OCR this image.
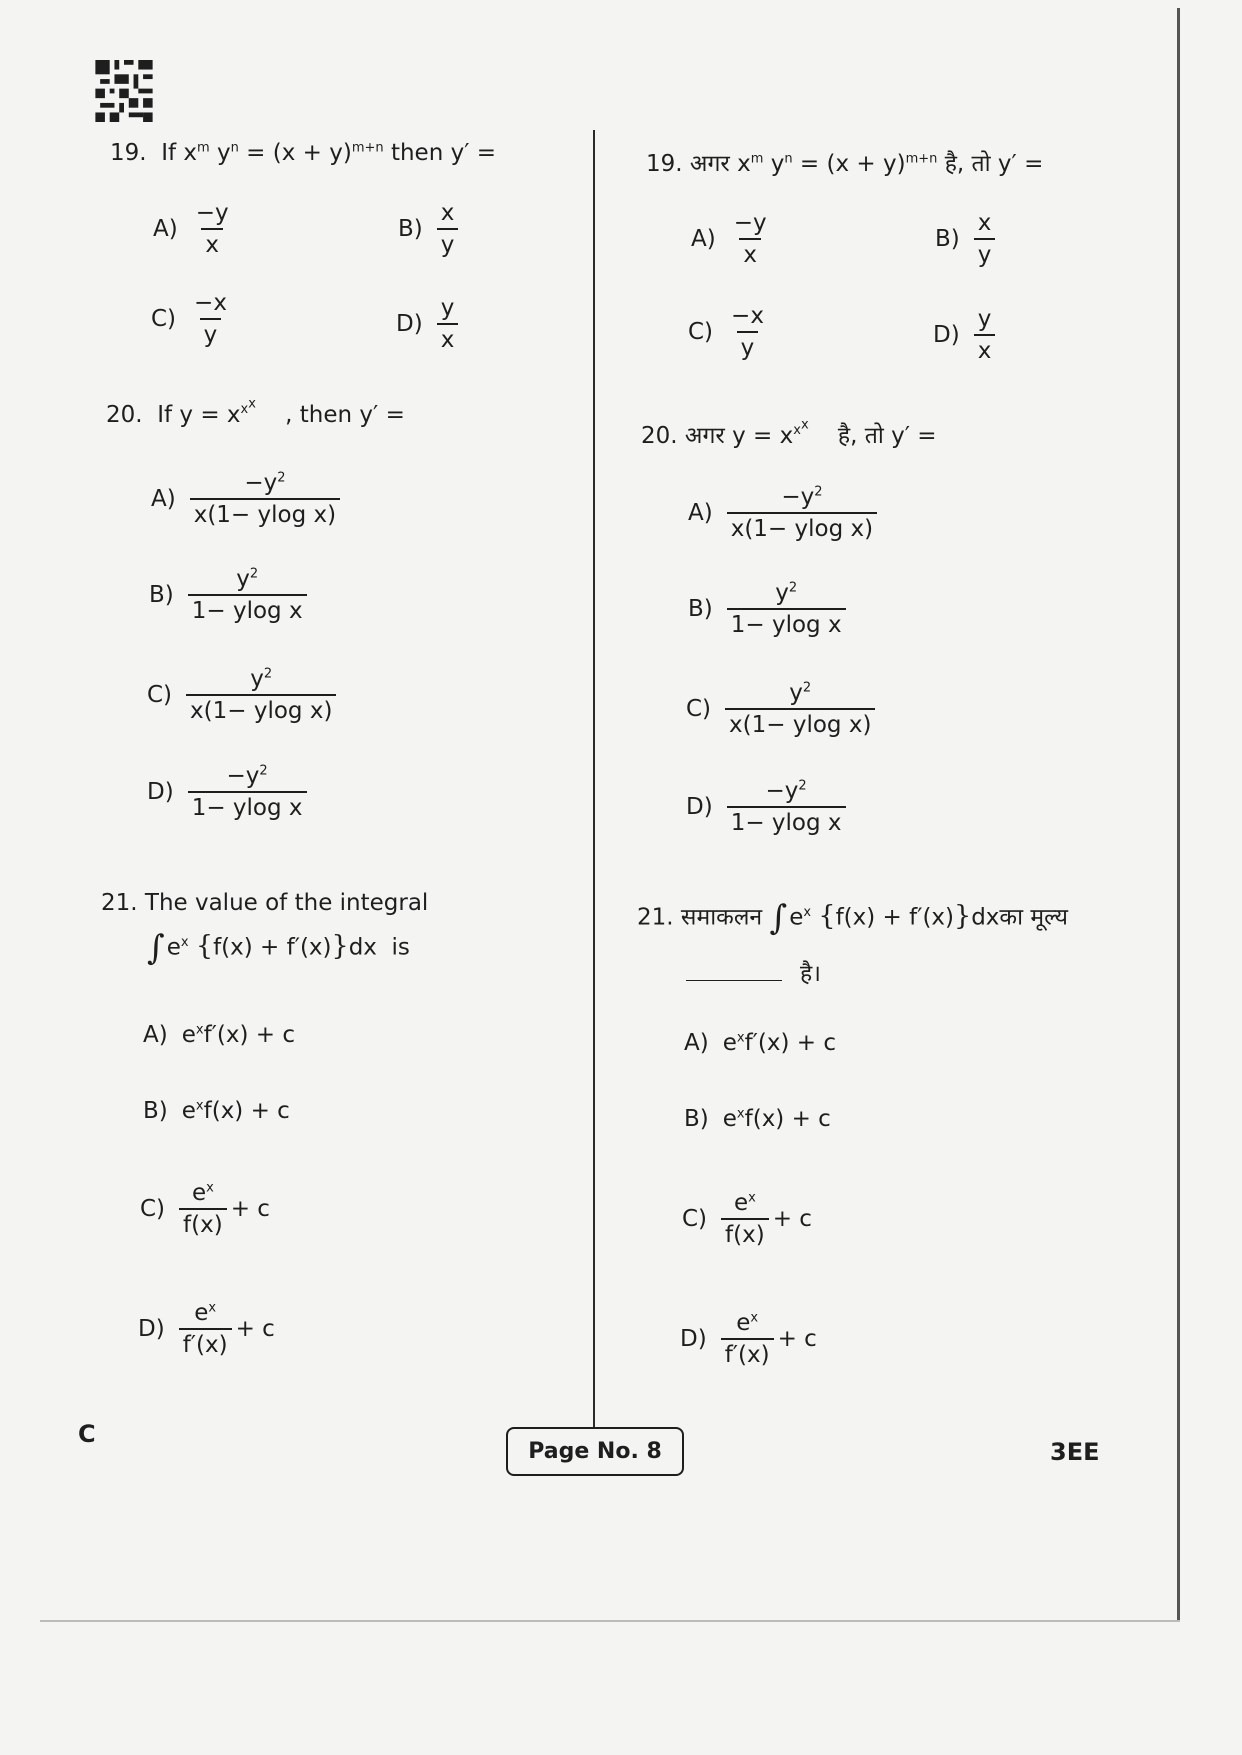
19. If $x^m$ $y^n = (x + y)^{m+n}$ then y′ =
$A) \frac{-y}{x}$	$B) \frac{x}{y}$
$C) \frac{-x}{y}$	$D) \frac{y}{x}$
20. If $y = x^{x^x}$ , then y′ =
$A) \frac{-y^2}{\text{x(1− ylog x)}}$
$B) \frac{y^2}{\text{1− ylog x}}$
$C) \frac{y^2}{\text{x(1− ylog x)}}$
$D) \frac{-y^2}{\text{1− ylog x}}$
21. The value of the integral
$\int e^x$ {f(x) + f′(x)}dx is
A) $e^xf'(x) + c$
B) $e^xf(x) + c$
$C) \frac{e^x}{f(x)} + c$
$D) \frac{e^x}{f'(x)} + c$
19. अगर $x^m$ $y^n = (x + y)^{m+n}$ है, तो y′ =
$A) \frac{-y}{x}$	$B) \frac{x}{y}$
$C) \frac{-x}{y}$	$D) \frac{y}{x}$
20. अगर $y = x^{x^x}$ है, तो y′ =
$A) \frac{-y^2}{\text{x(1− ylog x)}}$
$B) \frac{y^2}{\text{1− ylog x}}$
$C) \frac{y^2}{\text{x(1− ylog x)}}$
$D) \frac{-y^2}{\text{1− ylog x}}$
21. समाकलन $\int e^x$ {f(x) + f′(x)}dxका मूल्य
है।
A) $e^xf'(x) + c$
B) $e^xf(x) + c$
$C) \frac{e^x}{f(x)} + c$
$D) \frac{e^x}{f'(x)} + c$
C
Page No. 8	3EE
